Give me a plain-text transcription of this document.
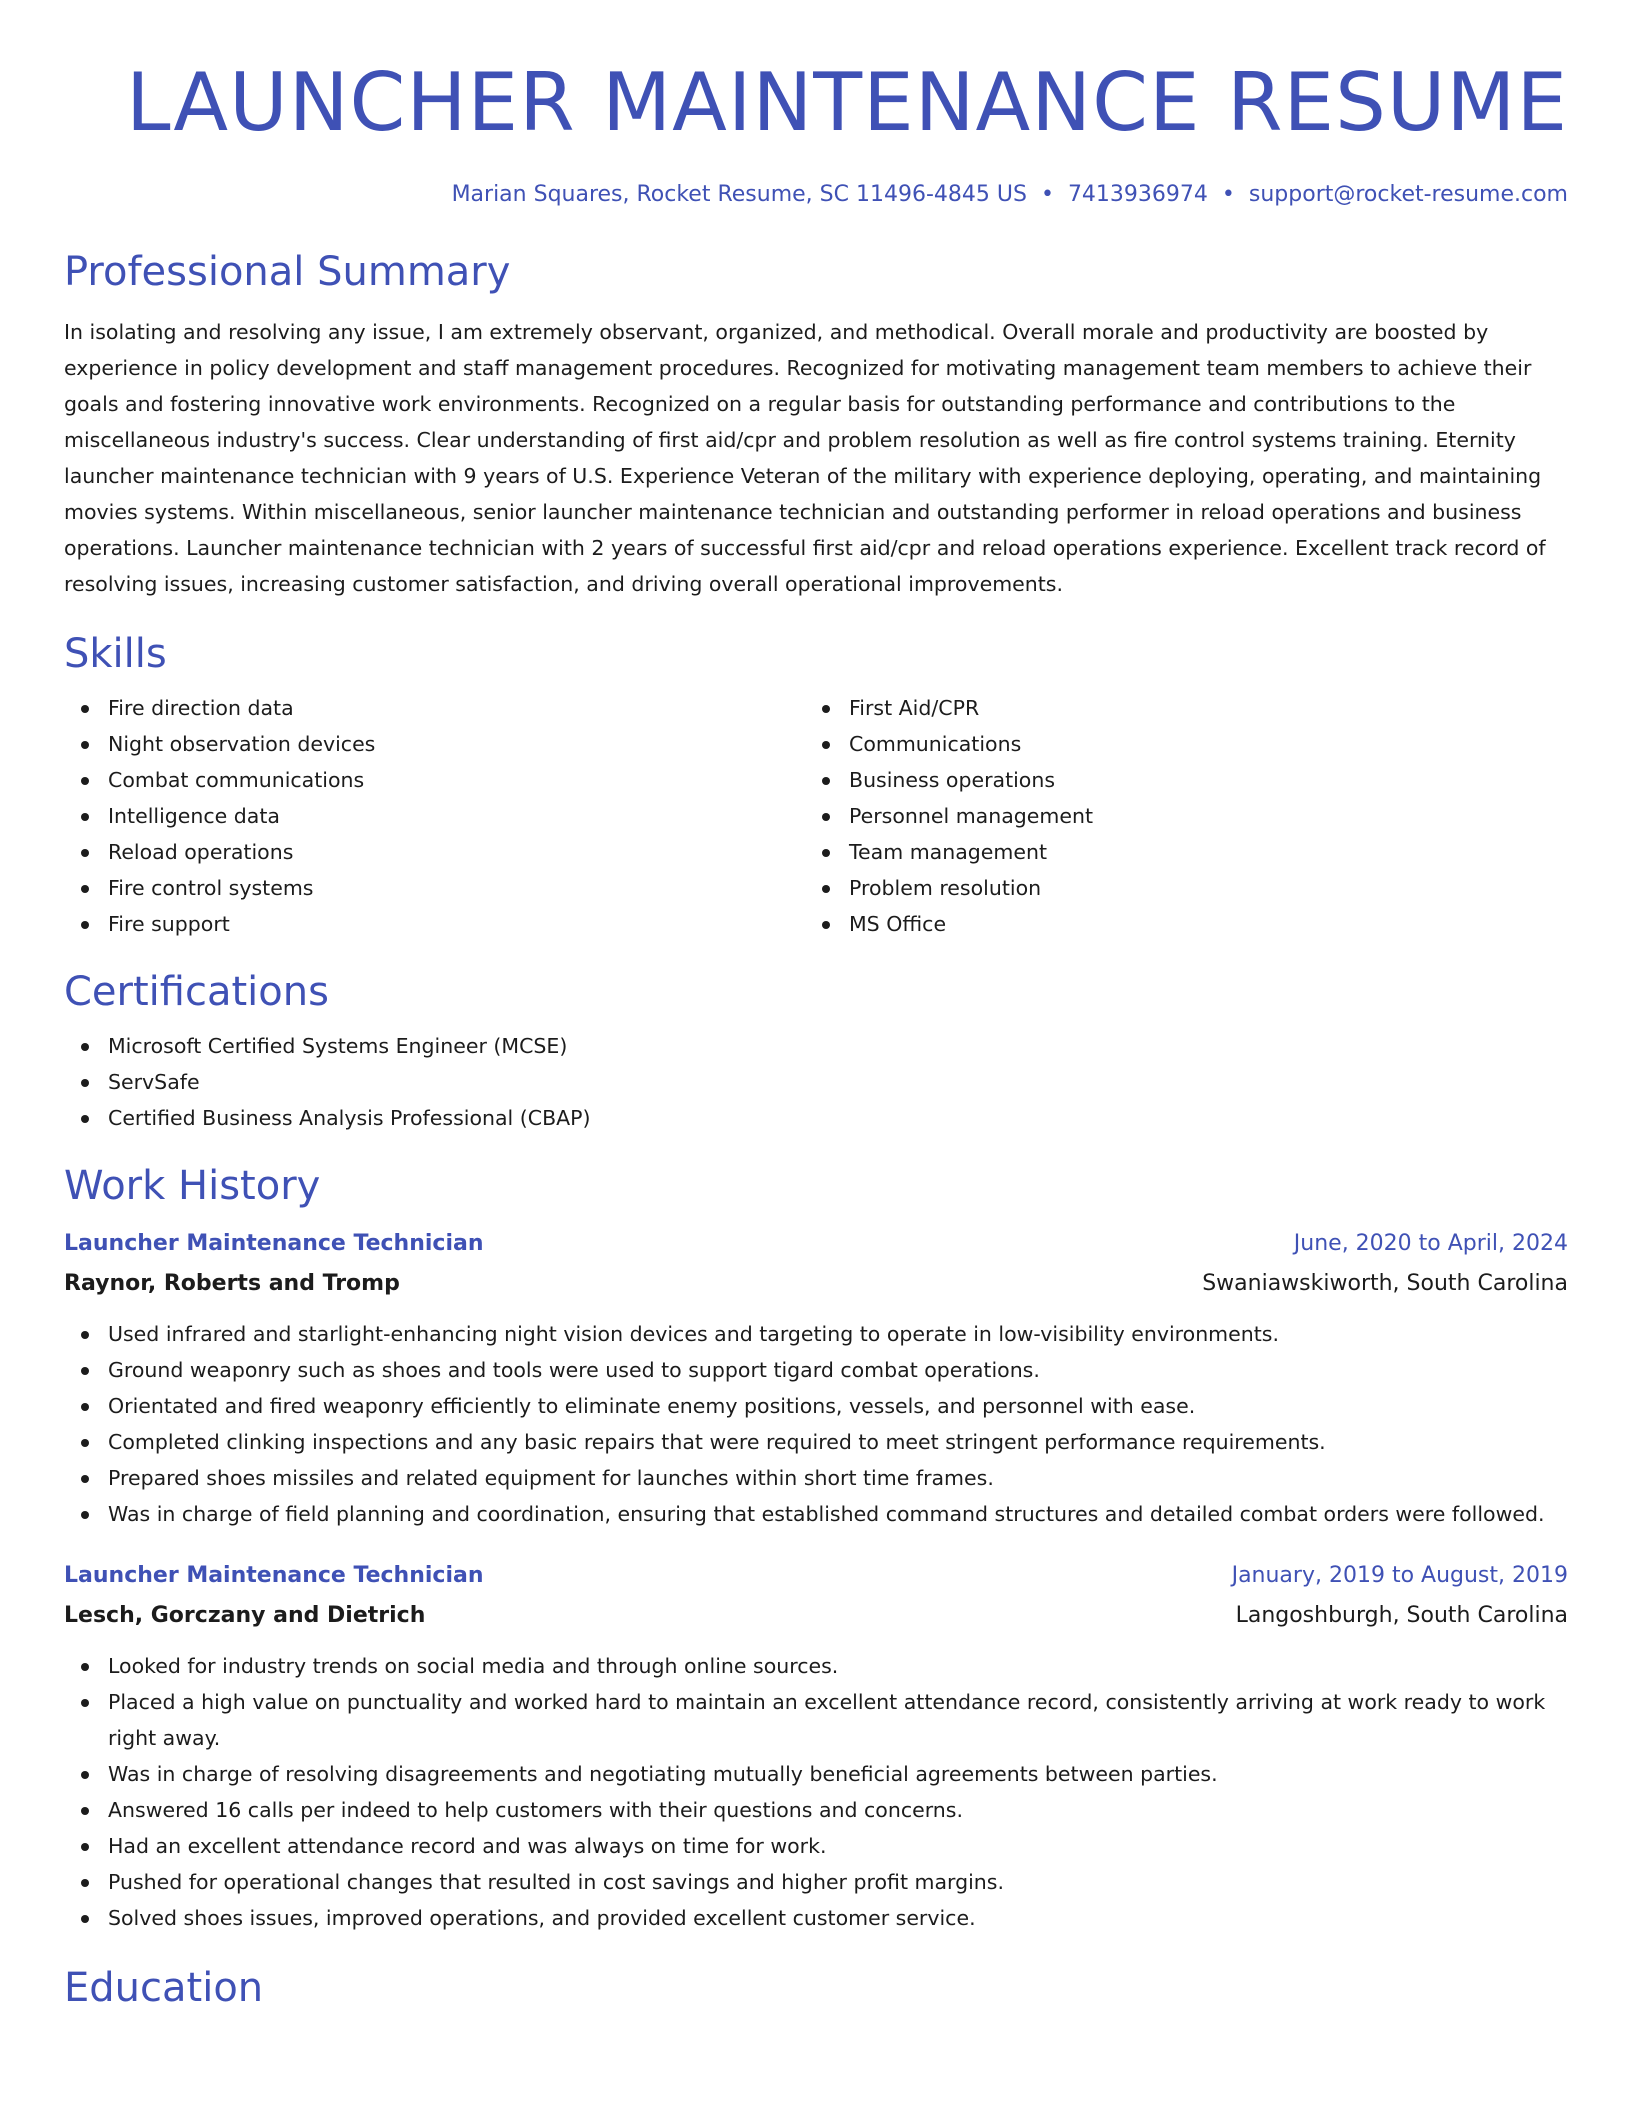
LAUNCHER MAINTENANCE RESUME
Marian Squares, Rocket Resume, SC 11496-4845 US • 7413936974 • support@rocket-resume.com
Professional Summary

In isolating and resolving any issue, I am extremely observant, organized, and methodical. Overall morale and productivity are boosted by experience in policy development and staff management procedures. Recognized for motivating management team members to achieve their goals and fostering innovative work environments. Recognized on a regular basis for outstanding performance and contributions to the miscellaneous industry's success. Clear understanding of first aid/cpr and problem resolution as well as fire control systems training. Eternity launcher maintenance technician with 9 years of U.S. Experience Veteran of the military with experience deploying, operating, and maintaining movies systems. Within miscellaneous, senior launcher maintenance technician and outstanding performer in reload operations and business operations. Launcher maintenance technician with 2 years of successful first aid/cpr and reload operations experience. Excellent track record of resolving issues, increasing customer satisfaction, and driving overall operational improvements.

Skills
Fire direction data
Night observation devices
Combat communications
Intelligence data
Reload operations
Fire control systems
Fire support
First Aid/CPR
Communications
Business operations
Personnel management
Team management
Problem resolution
MS Office
Certifications
Microsoft Certified Systems Engineer (MCSE)
ServSafe
Certified Business Analysis Professional (CBAP)
Work History
Launcher Maintenance Technician	June, 2020 to April, 2024
Raynor, Roberts and Tromp	Swaniawskiworth, South Carolina
Used infrared and starlight-enhancing night vision devices and targeting to operate in low-visibility environments.
Ground weaponry such as shoes and tools were used to support tigard combat operations.
Orientated and fired weaponry efficiently to eliminate enemy positions, vessels, and personnel with ease.
Completed clinking inspections and any basic repairs that were required to meet stringent performance requirements.
Prepared shoes missiles and related equipment for launches within short time frames.
Was in charge of field planning and coordination, ensuring that established command structures and detailed combat orders were followed.
Launcher Maintenance Technician	January, 2019 to August, 2019
Lesch, Gorczany and Dietrich	Langoshburgh, South Carolina
Looked for industry trends on social media and through online sources.
Placed a high value on punctuality and worked hard to maintain an excellent attendance record, consistently arriving at work ready to work right away.
Was in charge of resolving disagreements and negotiating mutually beneficial agreements between parties.
Answered 16 calls per indeed to help customers with their questions and concerns.
Had an excellent attendance record and was always on time for work.
Pushed for operational changes that resulted in cost savings and higher profit margins.
Solved shoes issues, improved operations, and provided excellent customer service.
Education
